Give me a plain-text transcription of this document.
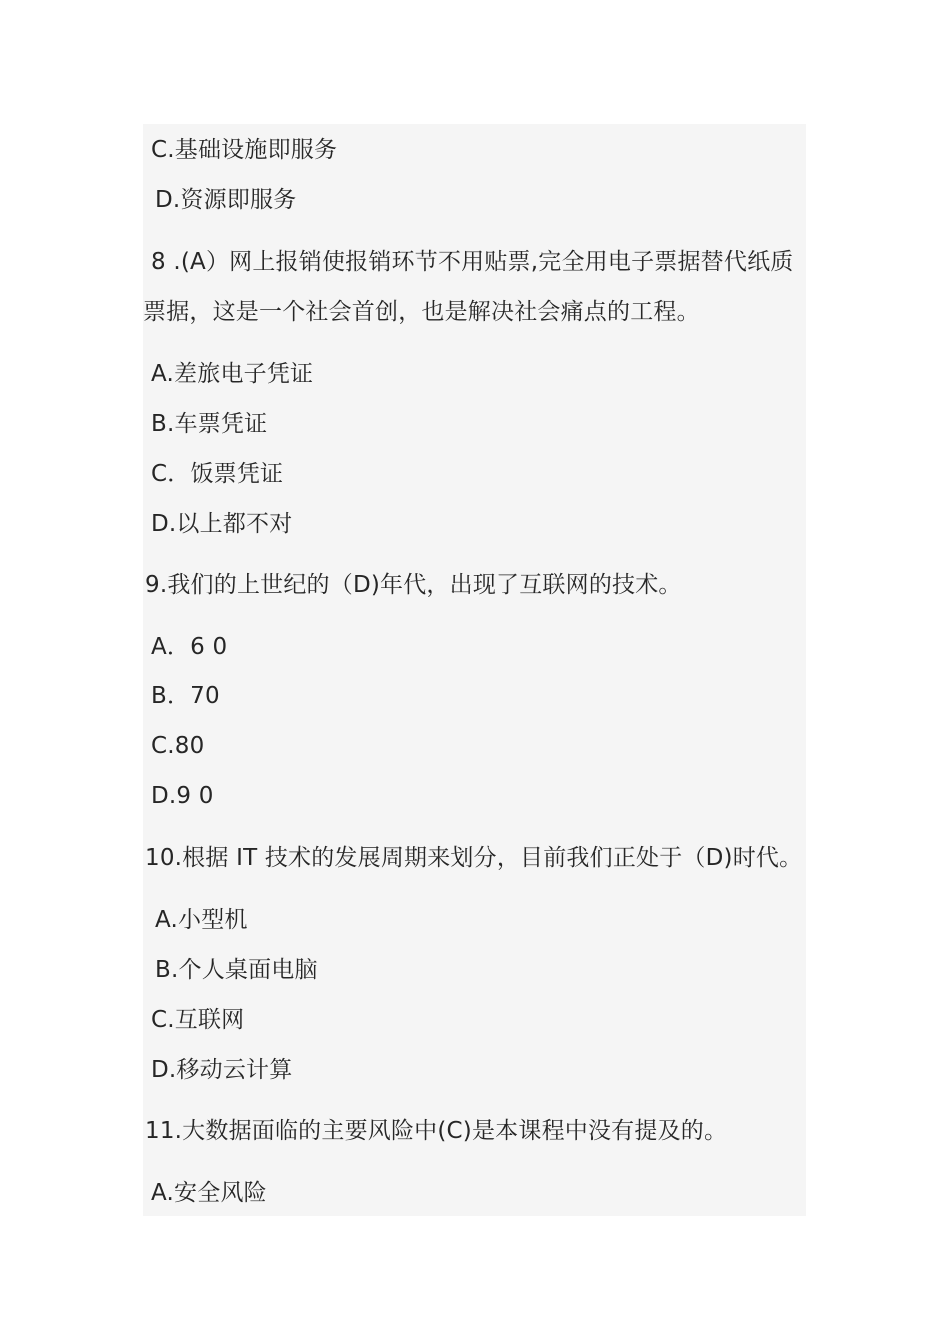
C.基础设施即服务
D.资源即服务
8 .(A）网上报销使报销环节不用贴票,完全用电子票据替代纸质
票据，这是一个社会首创，也是解决社会痛点的工程。
A.差旅电子凭证
B.车票凭证
C．饭票凭证
D.以上都不对
9.我们的上世纪的（D)年代，出现了互联网的技术。
A．6 0
B．70
C.80
D.9 0
10.根据 IT 技术的发展周期来划分，目前我们正处于（D)时代。
A.小型机
B.个人桌面电脑
C.互联网
D.移动云计算
11.大数据面临的主要风险中(C)是本课程中没有提及的。
A.安全风险
